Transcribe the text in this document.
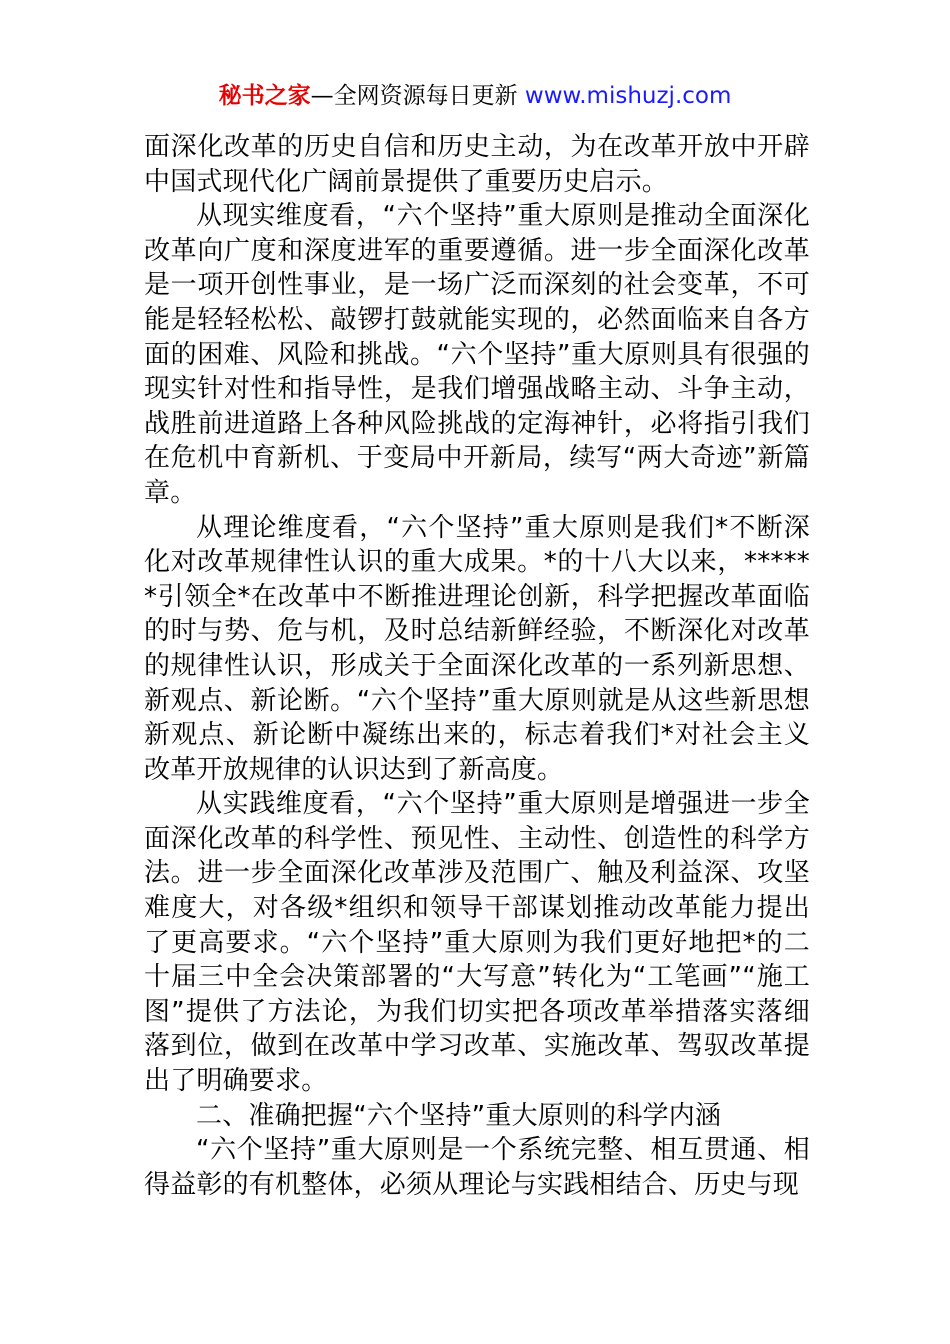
秘书之家—全网资源每日更新 www.mishuzj.com

面深化改革的历史自信和历史主动，为在改革开放中开辟中国式现代化广阔前景提供了重要历史启示。

从现实维度看，“六个坚持”重大原则是推动全面深化改革向广度和深度进军的重要遵循。进一步全面深化改革是一项开创性事业，是一场广泛而深刻的社会变革，不可能是轻轻松松、敲锣打鼓就能实现的，必然面临来自各方面的困难、风险和挑战。“六个坚持”重大原则具有很强的现实针对性和指导性，是我们增强战略主动、斗争主动，战胜前进道路上各种风险挑战的定海神针，必将指引我们在危机中育新机、于变局中开新局，续写“两大奇迹”新篇章。

从理论维度看，“六个坚持”重大原则是我们*不断深化对改革规律性认识的重大成果。*的十八大以来，******引领全*在改革中不断推进理论创新，科学把握改革面临的时与势、危与机，及时总结新鲜经验，不断深化对改革的规律性认识，形成关于全面深化改革的一系列新思想、新观点、新论断。“六个坚持”重大原则就是从这些新思想新观点、新论断中凝练出来的，标志着我们*对社会主义改革开放规律的认识达到了新高度。

从实践维度看，“六个坚持”重大原则是增强进一步全面深化改革的科学性、预见性、主动性、创造性的科学方法。进一步全面深化改革涉及范围广、触及利益深、攻坚难度大，对各级*组织和领导干部谋划推动改革能力提出了更高要求。“六个坚持”重大原则为我们更好地把*的二十届三中全会决策部署的“大写意”转化为“工笔画”“施工图”提供了方法论，为我们切实把各项改革举措落实落细落到位，做到在改革中学习改革、实施改革、驾驭改革提出了明确要求。

二、准确把握“六个坚持”重大原则的科学内涵

“六个坚持”重大原则是一个系统完整、相互贯通、相得益彰的有机整体，必须从理论与实践相结合、历史与现
